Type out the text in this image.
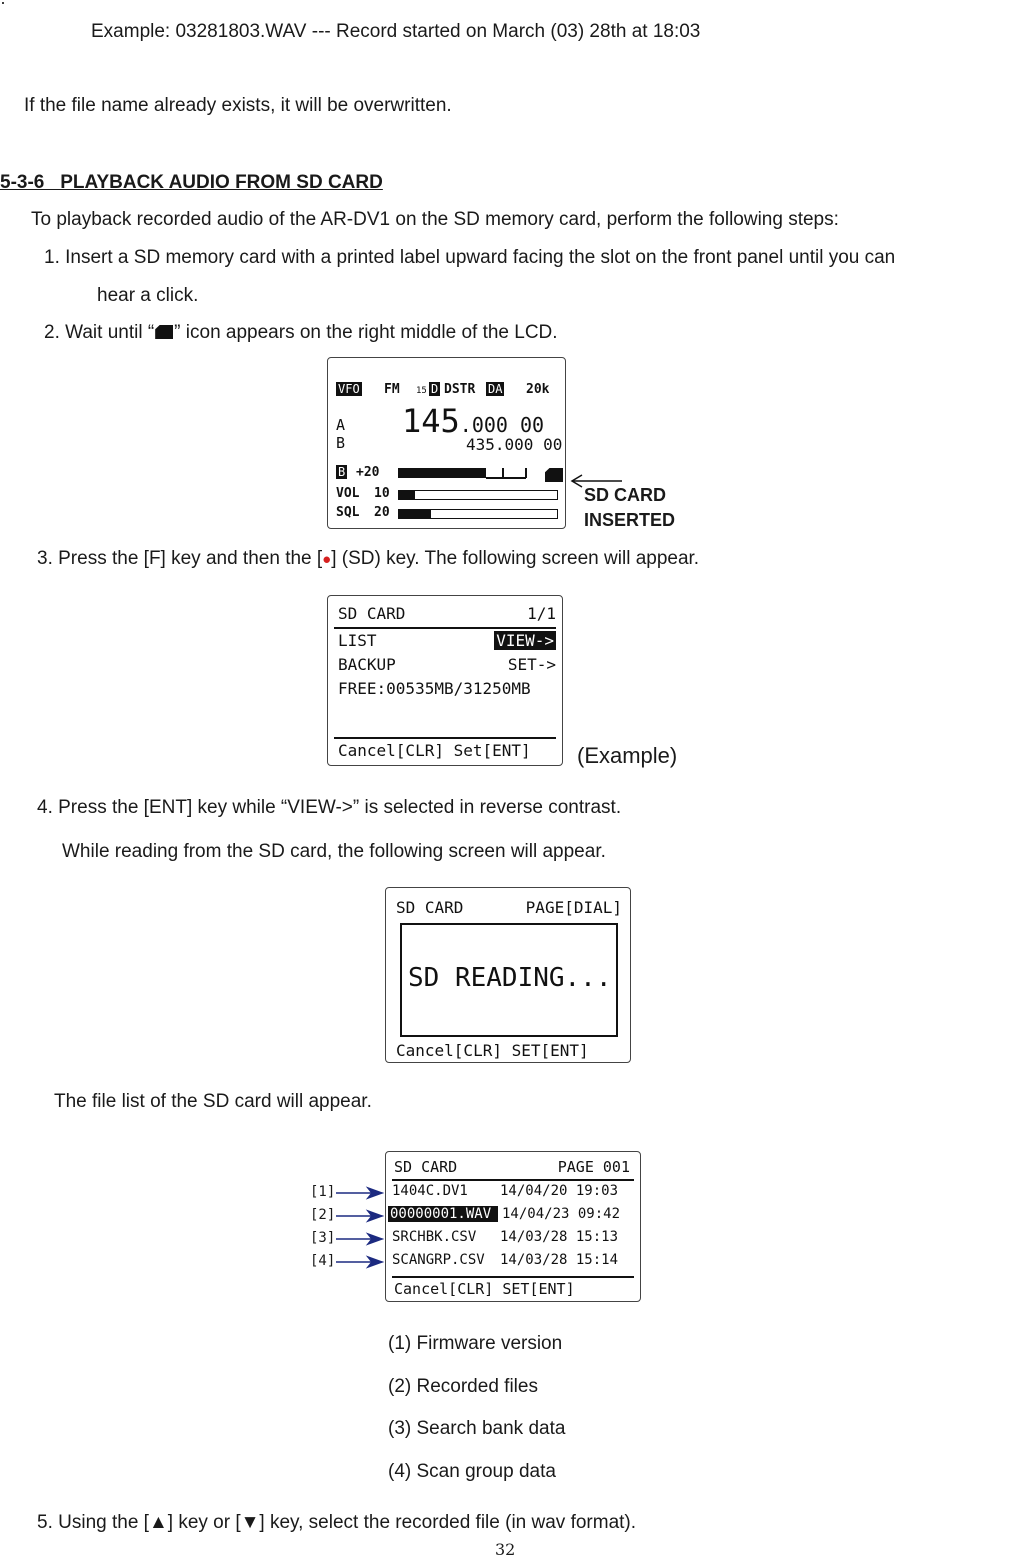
·
Example: 03281803.WAV --- Record started on March (03) 28th at 18:03
If the file name already exists, it will be overwritten.
5-3-6   PLAYBACK AUDIO FROM SD CARD
To playback recorded audio of the AR-DV1 on the SD memory card, perform the following steps:
1. Insert a SD memory card with a printed label upward facing the slot on the front panel until you can
hear a click.
2. Wait until “ ” icon appears on the right middle of the LCD.
VFO FM 15 D DSTR DA 20k
A 145.000 00
B	435.000 00
B +20
VOL 10
SQL 20
SD CARD
INSERTED
3. Press the [F] key and then the [●] (SD) key. The following screen will appear.
SD CARD	1/1
LIST	VIEW->
BACKUP	SET->
FREE:00535MB/31250MB
Cancel[CLR] Set[ENT] (Example)
4. Press the [ENT] key while “VIEW->” is selected in reverse contrast.
While reading from the SD card, the following screen will appear.
SD CARD	PAGE[DIAL]
SD READING...
Cancel[CLR] SET[ENT]
The file list of the SD card will appear.
[1]
[2]
[3]
[4]
SD CARD	PAGE 001
1404C.DV1 14/04/20 19:03
00000001.WAV 14/04/23 09:42
SRCHBK.CSV 14/03/28 15:13
SCANGRP.CSV 14/03/28 15:14
Cancel[CLR] SET[ENT]
(1) Firmware version
(2) Recorded files
(3) Search bank data
(4) Scan group data
5. Using the [▲] key or [▼] key, select the recorded file (in wav format).
32
